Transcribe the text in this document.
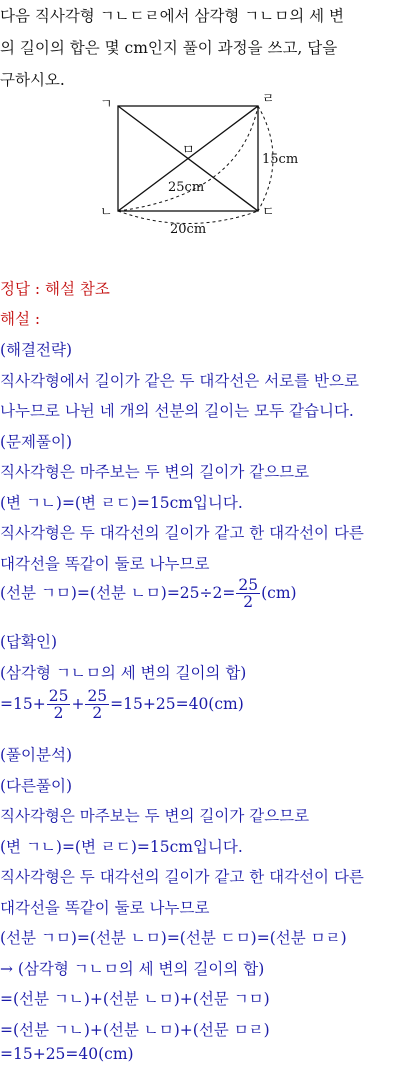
다음 직사각형 ㄱㄴㄷㄹ에서 삼각형 ㄱㄴㅁ의 세 변
의 길이의 합은 몇 cm인지 풀이 과정을 쓰고, 답을
구하시오.
ㄱ	ㄹ
ㄴ	ㄷ
ㅁ
15cm
25cm
20cm
정답 : 해설 참조
해설 :
(해결전략)
직사각형에서 길이가 같은 두 대각선은 서로를 반으로
나누므로 나뉜 네 개의 선분의 길이는 모두 같습니다.
(문제풀이)
직사각형은 마주보는 두 변의 길이가 같으므로
(변 ㄱㄴ)=(변 ㄹㄷ)=15cm입니다.
직사각형은 두 대각선의 길이가 같고 한 대각선이 다른
대각선을 똑같이 둘로 나누므로
(선분 ㄱㅁ)=(선분 ㄴㅁ)$=25\div 2= \frac{25}{2} (cm)$
(답확인)
(삼각형 ㄱㄴㅁ의 세 변의 길이의 합)
$=15+ \frac{25}{2} + \frac{25}{2} =15+25=40(cm)$
(풀이분석)
(다른풀이)
직사각형은 마주보는 두 변의 길이가 같으므로
(변 ㄱㄴ)=(변 ㄹㄷ)=15cm입니다.
직사각형은 두 대각선의 길이가 같고 한 대각선이 다른
대각선을 똑같이 둘로 나누므로
(선분 ㄱㅁ)=(선분 ㄴㅁ)=(선분 ㄷㅁ)=(선분 ㅁㄹ)
→ (삼각형 ㄱㄴㅁ의 세 변의 길이의 합)
=(선분 ㄱㄴ)+(선분 ㄴㅁ)+(선문 ㄱㅁ)
=(선분 ㄱㄴ)+(선분 ㄴㅁ)+(선문 ㅁㄹ)
=15+25=40(cm)
